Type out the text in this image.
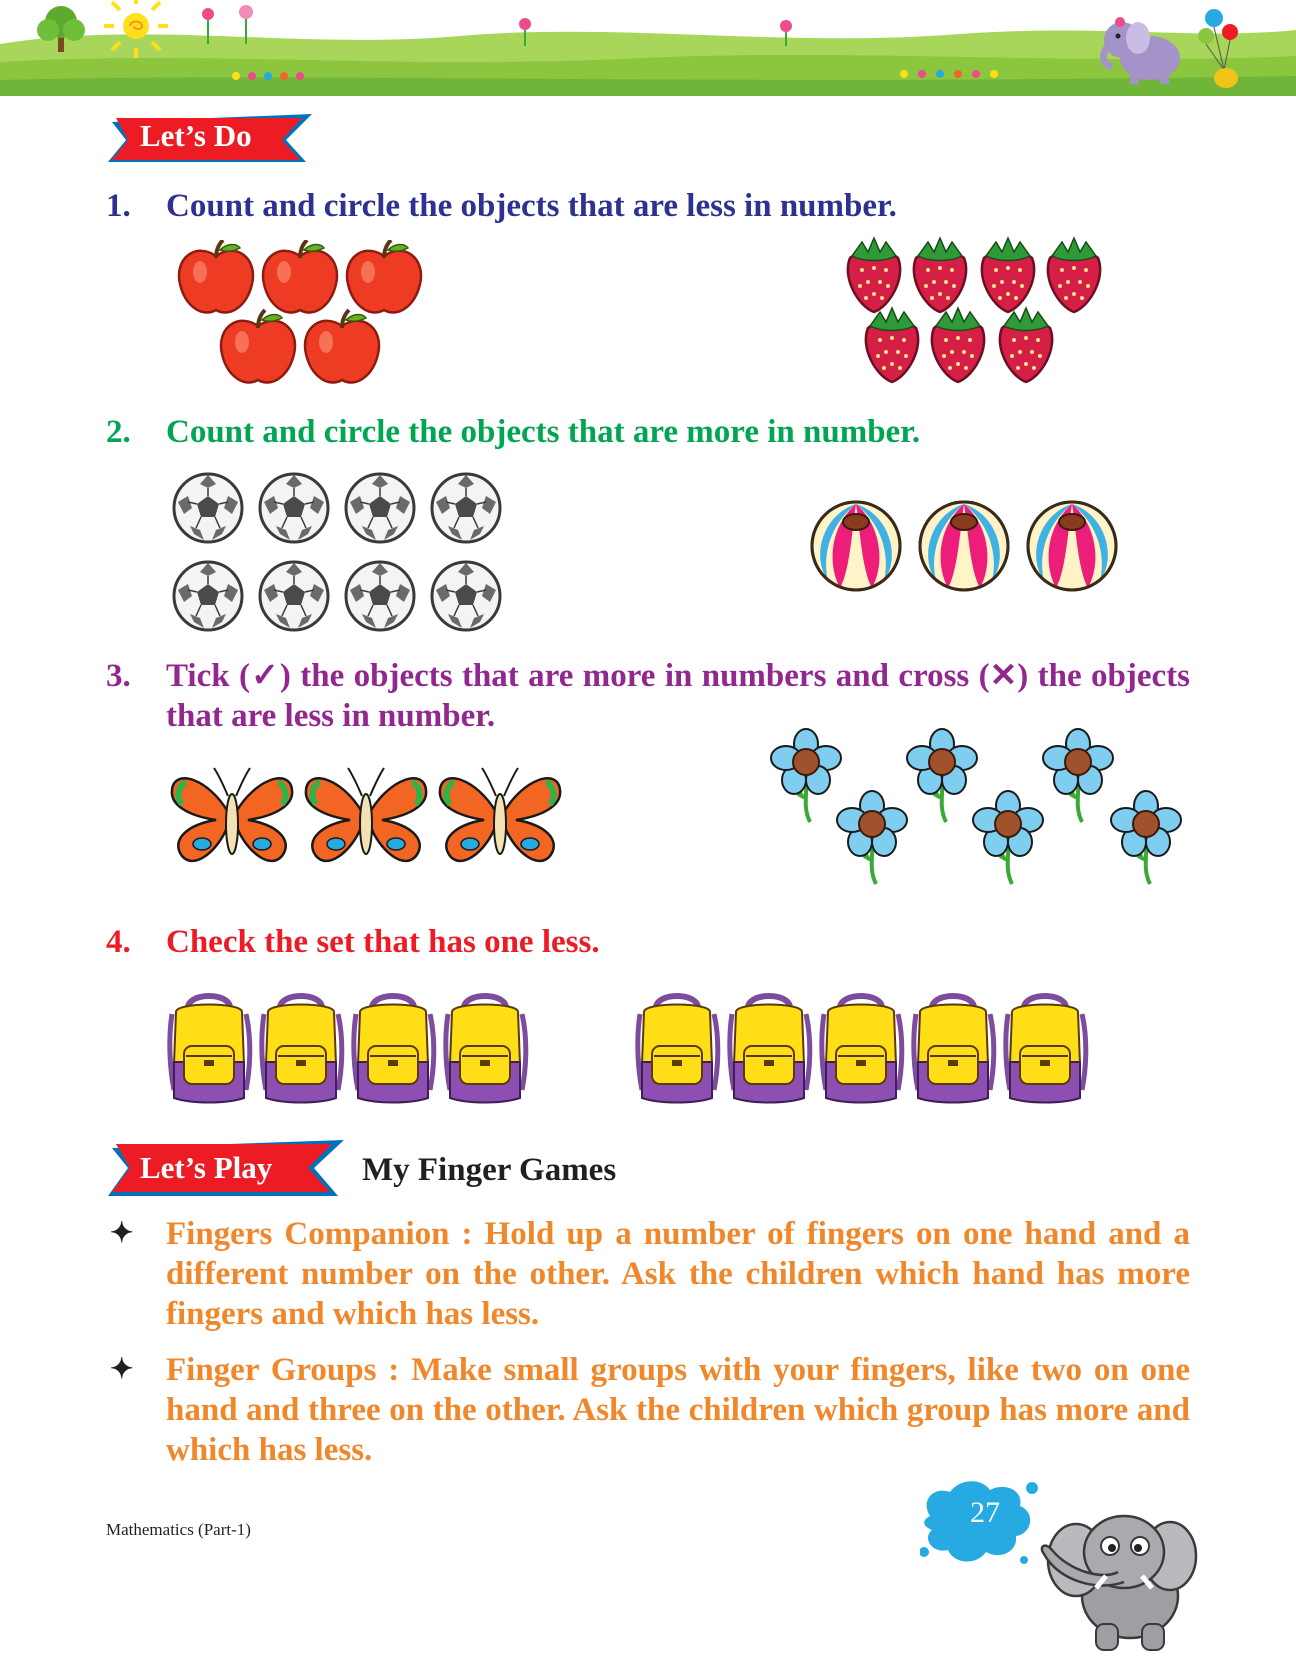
Let’s Do
1. Count and circle the objects that are less in number.
2. Count and circle the objects that are more in number.
3. Tick (✓) the objects that are more in numbers and cross (✕) the objects that are less in number.
4. Check the set that has one less.
Let’s Play	My Finger Games
✦ Fingers Companion : Hold up a number of fingers on one hand and a different number on the other. Ask the children which hand has more fingers and which has less.
✦ Finger Groups : Make small groups with your fingers, like two on one hand and three on the other. Ask the children which group has more and which has less.
Mathematics (Part-1)
27
